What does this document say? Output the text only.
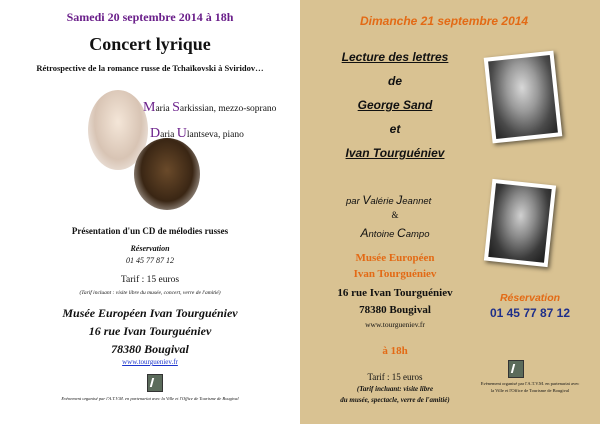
Samedi 20 septembre 2014 à 18h
Concert lyrique
Rétrospective de la romance russe de Tchaïkovski à Sviridov…
Maria Sarkissian, mezzo-soprano
Daria Ulantseva, piano
Présentation d'un CD de mélodies russes
Réservation
01 45 77 87 12
Tarif : 15 euros
(Tarif incluant : visite libre du musée, concert, verre de l'amitié)
Musée Européen Ivan Tourguéniev
16 rue Ivan Tourguéniev
78380 Bougival
www.tourgueniev.fr
Evènement organisé par l'A.T.V.M. en partenariat avec la Ville et l'Office de Tourisme de Bougival
Dimanche 21 septembre 2014
Lecture des lettres
de
George Sand
et
Ivan Tourguéniev
par Valérie Jeannet
&
Antoine Campo
Musée Européen
Ivan Tourguéniev
16 rue Ivan Tourguéniev
78380 Bougival
www.tourgueniev.fr
à 18h
Tarif : 15 euros
(Tarif incluant: visite libre
du musée, spectacle, verre de l'amitié)
Réservation
01 45 77 87 12
Evènement organisé par l'A.T.V.M. en partenariat avec
la Ville et l'Office de Tourisme de Bougival
